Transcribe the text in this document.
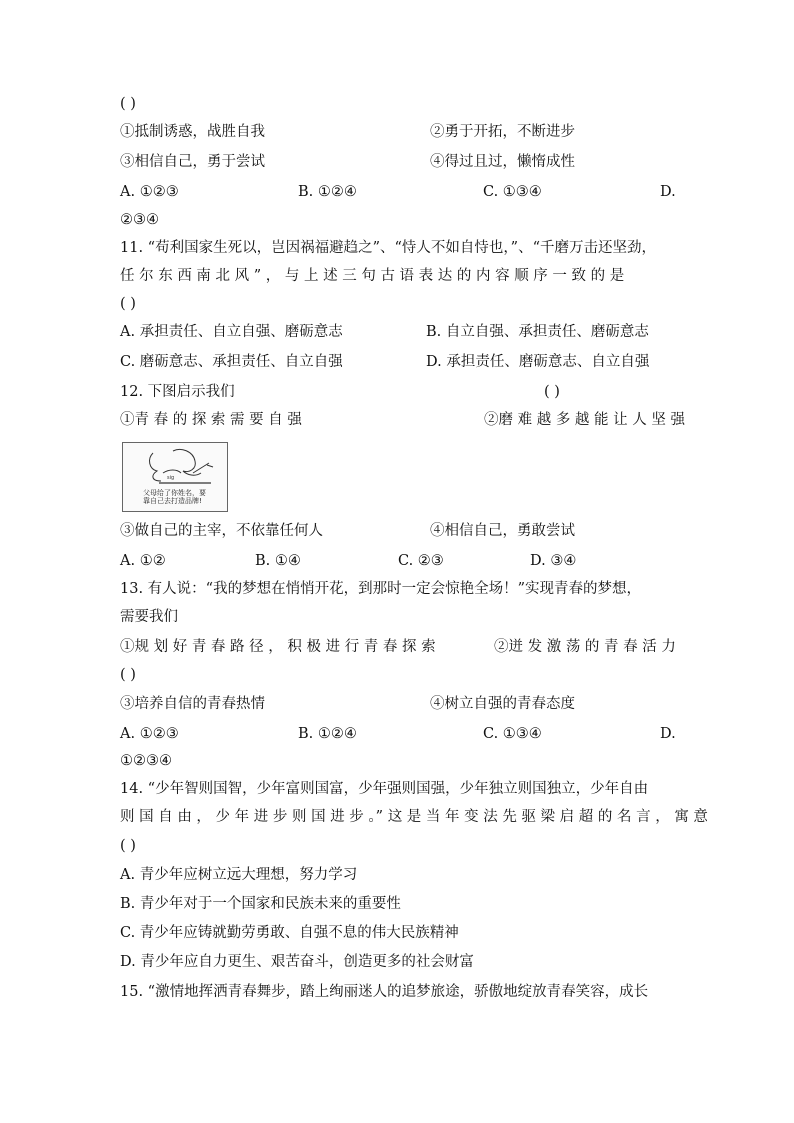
( )
①抵制诱惑，战胜自我	②勇于开拓，不断进步
③相信自己，勇于尝试	④得过且过，懒惰成性
A. ①②③	B. ①②④	C. ①③④	D.
②③④
11. “苟利国家生死以，岂因祸福避趋之”、“恃人不如自恃也，”、“千磨万击还坚劲，
任 尔 东 西 南 北 风 ” ， 与 上 述 三 句 古 语 表 达 的 内 容 顺 序 一 致 的 是
( )
A. 承担责任、自立自强、磨砺意志	B. 自立自强、承担责任、磨砺意志
C. 磨砺意志、承担责任、自立自强	D. 承担责任、磨砺意志、自立自强
12. 下图启示我们	( )
①青 春 的 探 索 需 要 自 强	②磨 难 越 多 越 能 让 人 坚 强
sig
父母给了你姓名，要
靠自己去打造品牌!
③做自己的主宰，不依靠任何人	④相信自己，勇敢尝试
A. ①②	B. ①④	C. ②③	D. ③④
13. 有人说：“我的梦想在悄悄开花，到那时一定会惊艳全场！”实现青春的梦想，
需要我们
①规 划 好 青 春 路 径 ， 积 极 进 行 青 春 探 索	②迸 发 激 荡 的 青 春 活 力
( )
③培养自信的青春热情	④树立自强的青春态度
A. ①②③	B. ①②④	C. ①③④	D.
①②③④
14. “少年智则国智，少年富则国富，少年强则国强，少年独立则国独立，少年自由
则 国 自 由 ， 少 年 进 步 则 国 进 步 。” 这 是 当 年 变 法 先 驱 梁 启 超 的 名 言 ， 寓 意
( )
A. 青少年应树立远大理想，努力学习
B. 青少年对于一个国家和民族未来的重要性
C. 青少年应铸就勤劳勇敢、自强不息的伟大民族精神
D. 青少年应自力更生、艰苦奋斗，创造更多的社会财富
15. “激情地挥洒青春舞步，踏上绚丽迷人的追梦旅途，骄傲地绽放青春笑容，成长
